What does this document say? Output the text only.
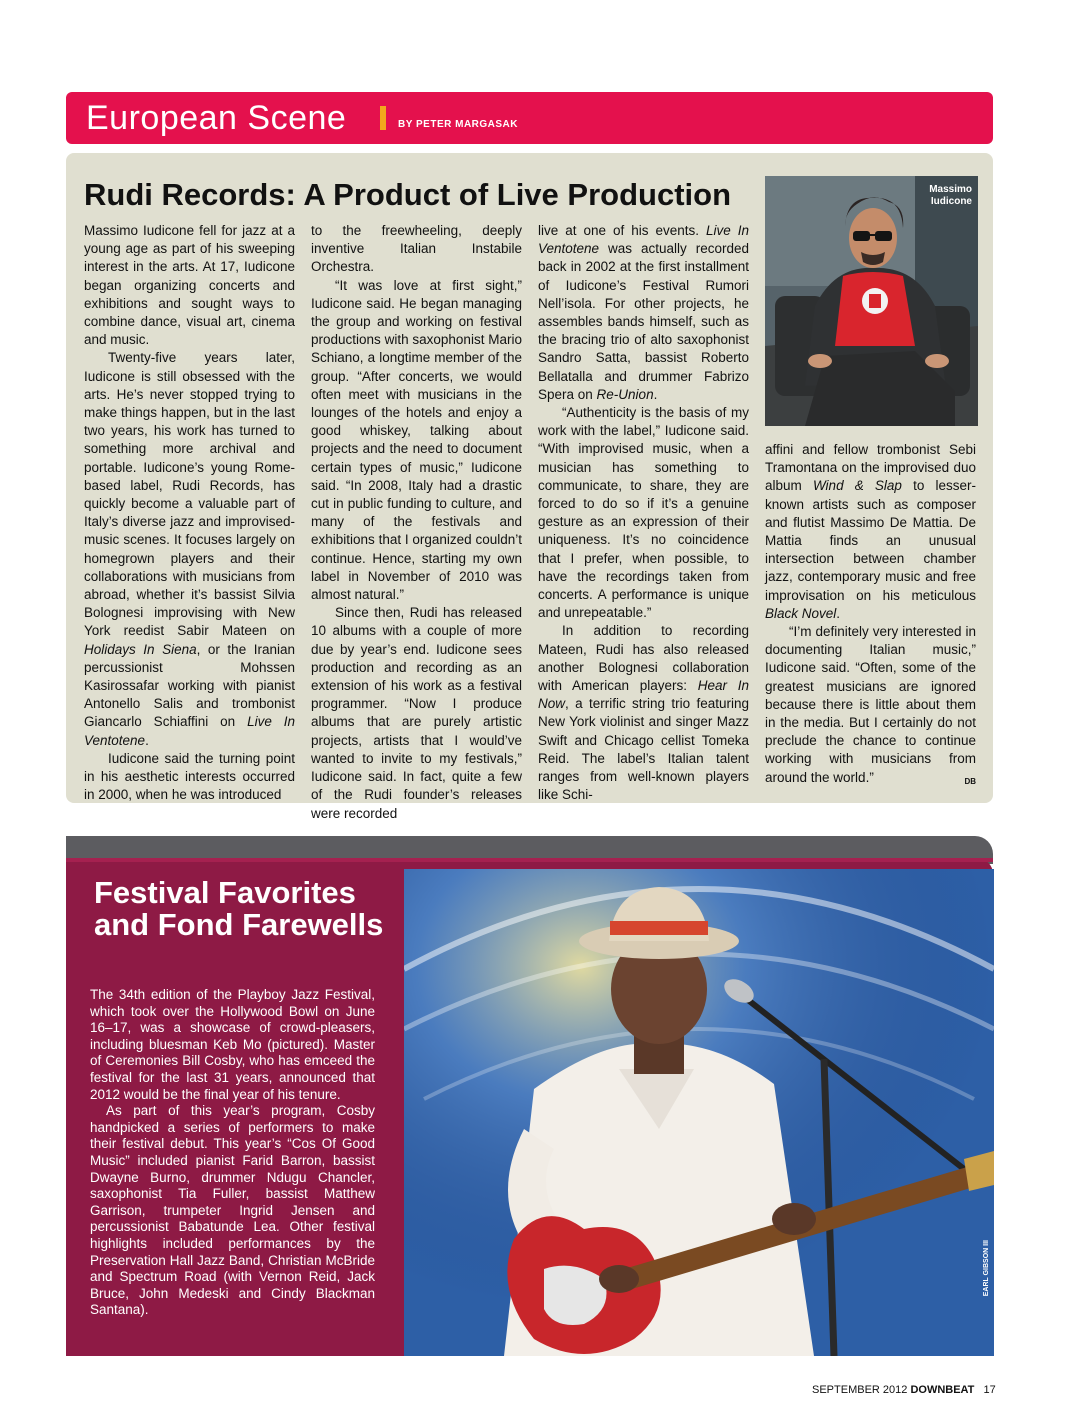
European Scene	BY PETER MARGASAK
Rudi Records: A Product of Live Production

Massimo Iudicone fell for jazz at a young age as part of his sweeping interest in the arts. At 17, Iudicone began organizing concerts and exhibitions and sought ways to combine dance, visual art, cinema and music.

Twenty-five years later, Iudicone is still obsessed with the arts. He’s never stopped trying to make things happen, but in the last two years, his work has turned to something more archival and portable. Iudicone’s young Rome-based label, Rudi Records, has quickly become a valuable part of Italy’s diverse jazz and improvised-music scenes. It focuses largely on homegrown players and their collaborations with musicians from abroad, whether it’s bassist Silvia Bolognesi improvising with New York reedist Sabir Mateen on Holidays In Siena, or the Iranian percussionist Mohssen Kasirossafar working with pianist Antonello Salis and trombonist Giancarlo Schiaffini on Live In Ventotene.

Iudicone said the turning point in his aesthetic interests occurred in 2000, when he was introduced

to the freewheeling, deeply inventive Italian Instabile Orchestra.

“It was love at first sight,” Iudicone said. He began managing the group and working on festival productions with saxophonist Mario Schiano, a longtime member of the group. “After concerts, we would often meet with musicians in the lounges of the hotels and enjoy a good whiskey, talking about projects and the need to document certain types of music,” Iudicone said. “In 2008, Italy had a drastic cut in public funding to culture, and many of the festivals and exhibitions that I organized couldn’t continue. Hence, starting my own label in November of 2010 was almost natural.”

Since then, Rudi has released 10 albums with a couple of more due by year’s end. Iudicone sees production and recording as an extension of his work as a festival programmer. “Now I produce albums that are purely artistic projects, artists that I would’ve wanted to invite to my festivals,” Iudicone said. In fact, quite a few of the Rudi founder’s releases were recorded

live at one of his events. Live In Ventotene was actually recorded back in 2002 at the first installment of Iudicone’s Festival Rumori Nell’isola. For other projects, he assembles bands himself, such as the bracing trio of alto saxophonist Sandro Satta, bassist Roberto Bellatalla and drummer Fabrizo Spera on Re-Union.

“Authenticity is the basis of my work with the label,” Iudicone said. “With improvised music, when a musician has something to communicate, to share, they are forced to do so if it’s a genuine gesture as an expression of their uniqueness. It’s no coincidence that I prefer, when possible, to have the recordings taken from concerts. A performance is unique and unrepeatable.”

In addition to recording Mateen, Rudi has also released another Bolognesi collaboration with American players: Hear In Now, a terrific string trio featuring New York violinist and singer Mazz Swift and Chicago cellist Tomeka Reid. The label’s Italian talent ranges from well-known players like Schi-

Massimo
Iudicone

affini and fellow trombonist Sebi Tramontana on the improvised duo album Wind & Slap to lesser-known artists such as composer and flutist Massimo De Mattia. De Mattia finds an unusual intersection between chamber jazz, contemporary music and free improvisation on his meticulous Black Novel.

“I’m definitely very interested in documenting Italian music,” Iudicone said. “Often, some of the greatest musicians are ignored because there is little about them in the media. But I certainly do not preclude the chance to continue working with musicians from around the world.”	DB

Festival Favorites and Fond Farewells

The 34th edition of the Playboy Jazz Festival, which took over the Hollywood Bowl on June 16–17, was a showcase of crowd-pleasers, including bluesman Keb Mo (pictured). Master of Ceremonies Bill Cosby, who has emceed the festival for the last 31 years, announced that 2012 would be the final year of his tenure.

As part of this year’s program, Cosby handpicked a series of performers to make their festival debut. This year’s “Cos Of Good Music” included pianist Farid Barron, bassist Dwayne Burno, drummer Ndugu Chancler, saxophonist Tia Fuller, bassist Matthew Garrison, trumpeter Ingrid Jensen and percussionist Babatunde Lea. Other festival highlights included performances by the Preservation Hall Jazz Band, Christian McBride and Spectrum Road (with Vernon Reid, Jack Bruce, John Medeski and Cindy Blackman Santana).

EARL GIBSON III
SEPTEMBER 2012 DOWNBEAT 17
